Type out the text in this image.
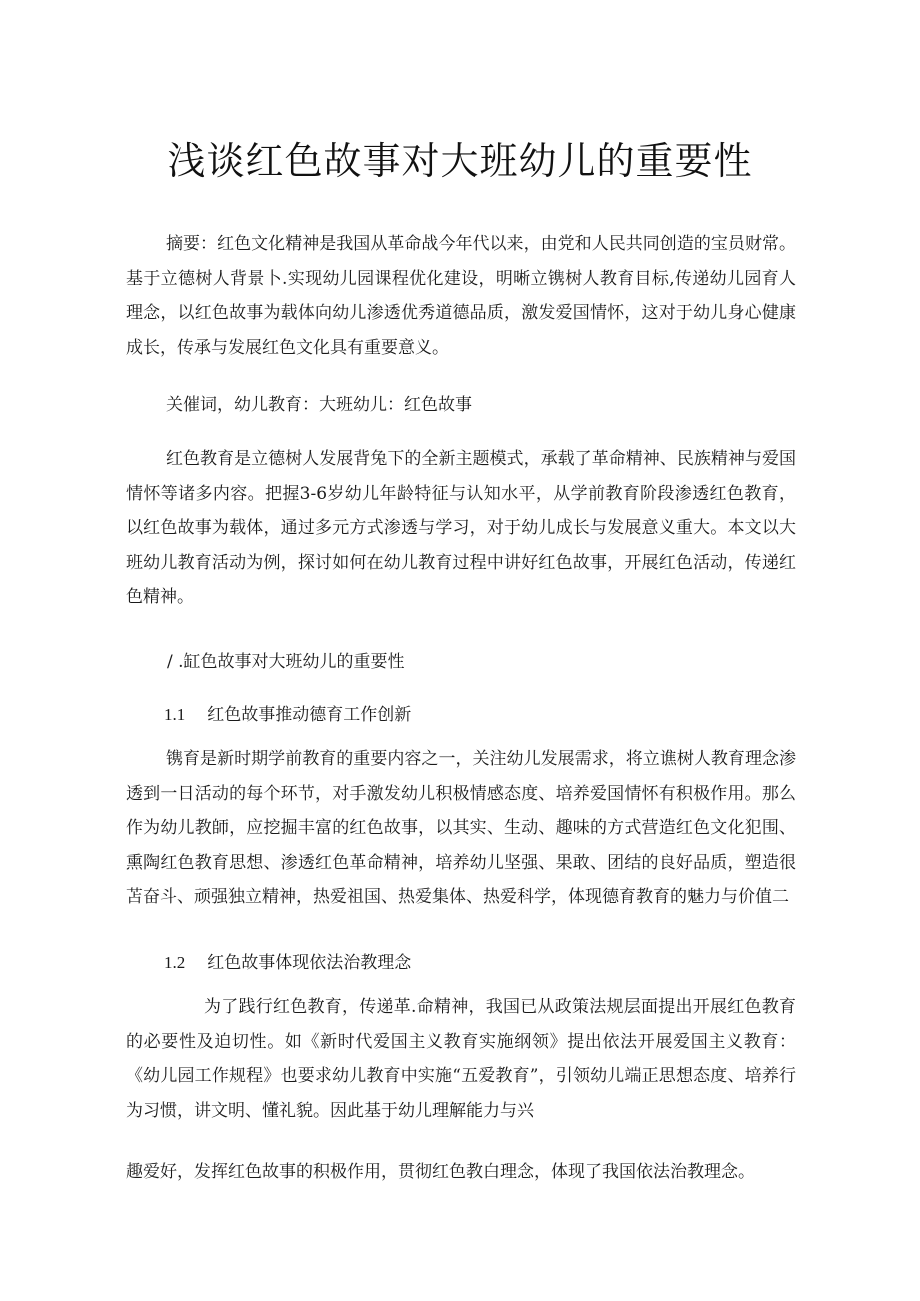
浅谈红色故事对大班幼儿的重要性

摘要：红色文化精神是我国从革命战今年代以来，由党和人民共同创造的宝员财常。基于立德树人背景卜.实现幼儿园课程优化建设，明晰立镌树人教育目标,传递幼儿园育人理念，以红色故事为载体向幼儿渗透优秀道德品质，激发爱国情怀，这对于幼儿身心健康成长，传承与发展红色文化具有重要意义。

关催词，幼儿教育：大班幼儿：红色故事

红色教育是立德树人发展背兔下的全新主题模式，承载了革命精神、民族精神与爱国情怀等诸多内容。把握3-6岁幼儿年龄特征与认知水平，从学前教育阶段渗透红色教育，以红色故事为载体，通过多元方式渗透与学习，对于幼儿成长与发展意义重大。本文以大班幼儿教育活动为例，探讨如何在幼儿教育过程中讲好红色故事，开展红色活动，传递红色精神。

/ .缸色故事对大班幼儿的重要性

1.1 红色故事推动德育工作创新

镌育是新时期学前教育的重要内容之一，关注幼儿发展需求，将立谯树人教育理念渗透到一日活动的每个环节，对手激发幼儿积极情感态度、培养爱国情怀有积极作用。那么作为幼儿教師，应挖掘丰富的红色故事，以其实、生动、趣味的方式营造红色文化犯围、熏陶红色教育思想、渗透红色革命精神，培养幼儿坚强、果敢、团结的良好品质，塑造很苫奋斗、顽强独立精神，热爱祖国、热爱集体、热爱科学，体现德育教育的魅力与价值二

1.2 红色故事体现依法治教理念

为了践行红色教育，传递革.命精神，我国已从政策法规层面提出开展红色教育的必要性及迫切性。如《新时代爱国主义教育实施纲领》提出依法开展爱国主义教育：《幼儿园工作规程》也要求幼儿教育中实施“五爱教育”，引领幼儿端正思想态度、培养行为习惯，讲文明、懂礼貌。因此基于幼儿理解能力与兴

趣爱好，发挥红色故事的积极作用，贯彻红色教白理念，体现了我国依法治教理念。
